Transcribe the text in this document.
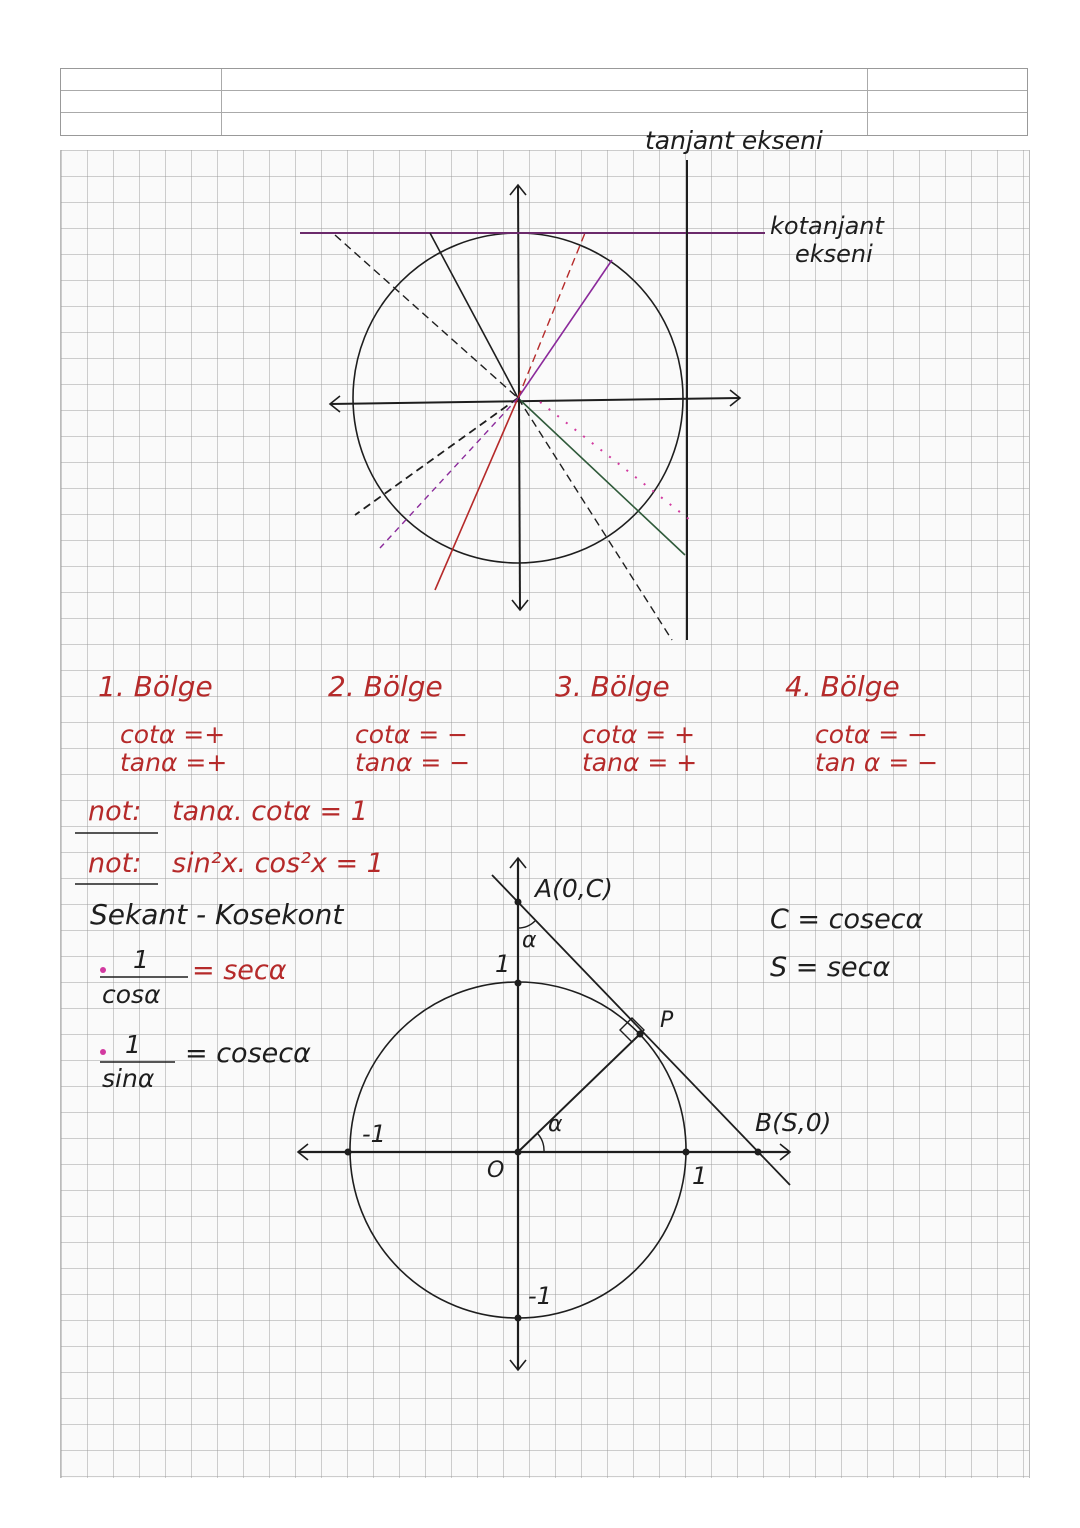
tanjant ekseni
kotanjant
ekseni
1. Bölge
cotα =+
tanα =+
2. Bölge
cotα = −
tanα = −
3. Bölge
cotα = +
tanα = +
4. Bölge
cotα = −
tan α = −
not: tanα. cotα = 1
not: sin²x. cos²x = 1
Sekant - Kosekont
1
cosα
= secα
1
sinα
= cosecα
A(0,C)
α
1
P
α
-1
O	1
B(S,0)
-1
C = cosecα
S = secα
